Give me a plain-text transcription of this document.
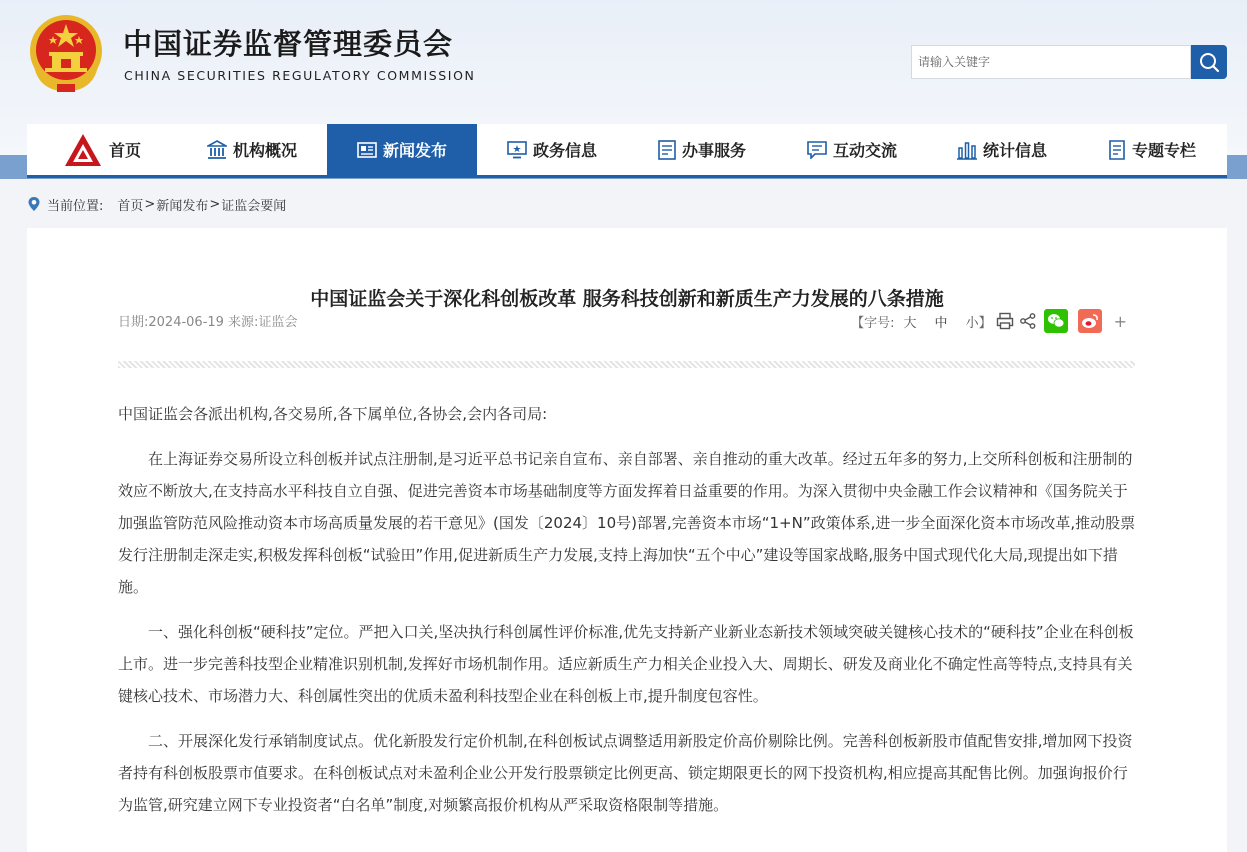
中国证券监督管理委员会
CHINA SECURITIES REGULATORY COMMISSION
请输入关键字
首页	机构概况	新闻发布	政务信息	办事服务	互动交流	统计信息	专题专栏
当前位置: 首页 > 新闻发布 > 证监会要闻
中国证监会关于深化科创板改革 服务科技创新和新质生产力发展的八条措施
日期:2024-06-19 来源:证监会	【字号: 大 中 小 】	+

中国证监会各派出机构,各交易所,各下属单位,各协会,会内各司局:

在上海证券交易所设立科创板并试点注册制,是习近平总书记亲自宣布、亲自部署、亲自推动的重大改革。经过五年多的努力,上交所科创板和注册制的效应不断放大,在支持高水平科技自立自强、促进完善资本市场基础制度等方面发挥着日益重要的作用。为深入贯彻中央金融工作会议精神和《国务院关于加强监管防范风险推动资本市场高质量发展的若干意见》(国发〔2024〕10号)部署,完善资本市场“1+N”政策体系,进一步全面深化资本市场改革,推动股票发行注册制走深走实,积极发挥科创板“试验田”作用,促进新质生产力发展,支持上海加快“五个中心”建设等国家战略,服务中国式现代化大局,现提出如下措施。

一、强化科创板“硬科技”定位。严把入口关,坚决执行科创属性评价标准,优先支持新产业新业态新技术领域突破关键核心技术的“硬科技”企业在科创板上市。进一步完善科技型企业精准识别机制,发挥好市场机制作用。适应新质生产力相关企业投入大、周期长、研发及商业化不确定性高等特点,支持具有关键核心技术、市场潜力大、科创属性突出的优质未盈利科技型企业在科创板上市,提升制度包容性。

二、开展深化发行承销制度试点。优化新股发行定价机制,在科创板试点调整适用新股定价高价剔除比例。完善科创板新股市值配售安排,增加网下投资者持有科创板股票市值要求。在科创板试点对未盈利企业公开发行股票锁定比例更高、锁定期限更长的网下投资机构,相应提高其配售比例。加强询报价行为监管,研究建立网下专业投资者“白名单”制度,对频繁高报价机构从严采取资格限制等措施。
